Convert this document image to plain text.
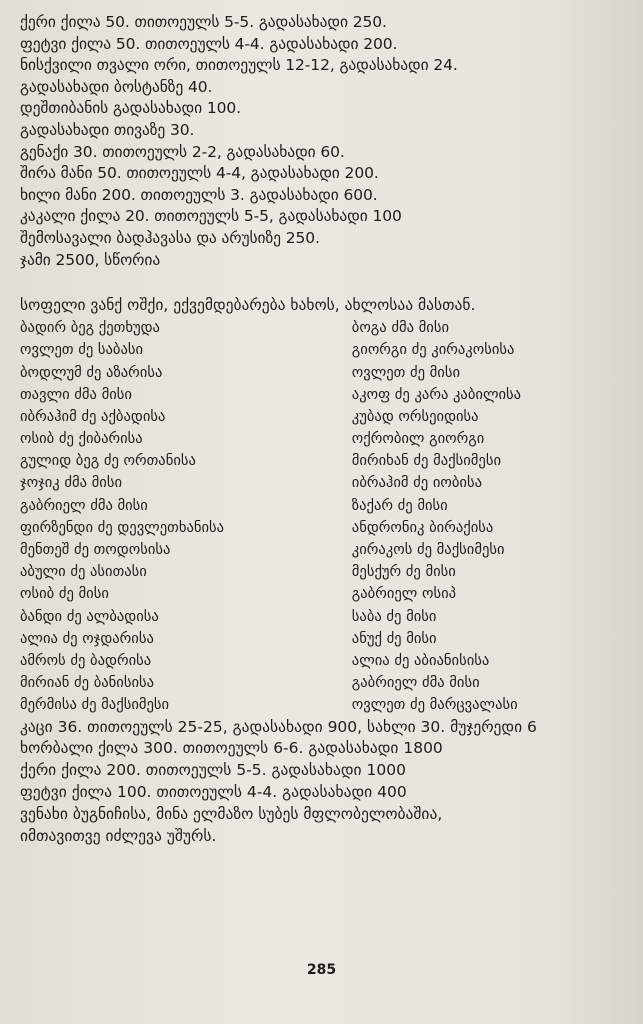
ქერი ქილა 50. თითოეულს 5-5. გადასახადი 250.
ფეტვი ქილა 50. თითოეულს 4-4. გადასახადი 200.
ნისქვილი თვალი ორი, თითოეულს 12-12, გადასახადი 24.
გადასახადი ბოსტანზე 40.
დეშთიბანის გადასახადი 100.
გადასახადი თივაზე 30.
გენაქი 30. თითოეულს 2-2, გადასახადი 60.
შირა მანი 50. თითოეულს 4-4, გადასახადი 200.
ხილი მანი 200. თითოეულს 3. გადასახადი 600.
კაკალი ქილა 20. თითოეულს 5-5, გადასახადი 100
შემოსავალი ბადჰავასა და არუსიზე 250.
ჯამი 2500, სწორია
სოფელი ვანქ ოშქი, ექვემდებარება ხახოს, ახლოსაა მასთან.
ბადირ ბეგ ქეთხუდა
ოვლეთ ძე საბასი
ბოდლუმ ძე აზარისა
თავლი ძმა მისი
იბრაჰიმ ძე აქბადისა
ოსიბ ძე ქიბარისა
გულიდ ბეგ ძე ორთანისა
ჯოჯიკ ძმა მისი
გაბრიელ ძმა მისი
ფირზენდი ძე დევლეთხანისა
მენთეშ ძე თოდოსისა
აბული ძე ასითასი
ოსიბ ძე მისი
ბანდი ძე ალბადისა
ალია ძე ოჯდარისა
ამროს ძე ბადრისა
მირიან ძე ბანისისა
მერმისა ძე მაქსიმესი
ბოგა ძმა მისი
გიორგი ძე კირაკოსისა
ოვლეთ ძე მისი
აკოფ ძე კარა კაბილისა
კუბად ორსეიდისა
ოქრობილ გიორგი
მირიხან ძე მაქსიმესი
იბრაჰიმ ძე იობისა
ზაქარ ძე მისი
ანდრონიკ ბირაქისა
კირაკოს ძე მაქსიმესი
მესქურ ძე მისი
გაბრიელ ოსიპ
საბა ძე მისი
ანუქ ძე მისი
ალია ძე აბიანისისა
გაბრიელ ძმა მისი
ოვლეთ ძე მარცვალასი
კაცი 36. თითოეულს 25-25, გადასახადი 900, სახლი 30. მუჯერედი 6
ხორბალი ქილა 300. თითოეულს 6-6. გადასახადი 1800
ქერი ქილა 200. თითოეულს 5-5. გადასახადი 1000
ფეტვი ქილა 100. თითოეულს 4-4. გადასახადი 400
ვენახი ბუგნიჩისა, მინა ელმაზო სუბეს მფლობელობაშია,
იმთავითვე იძლევა უშურს.
285
